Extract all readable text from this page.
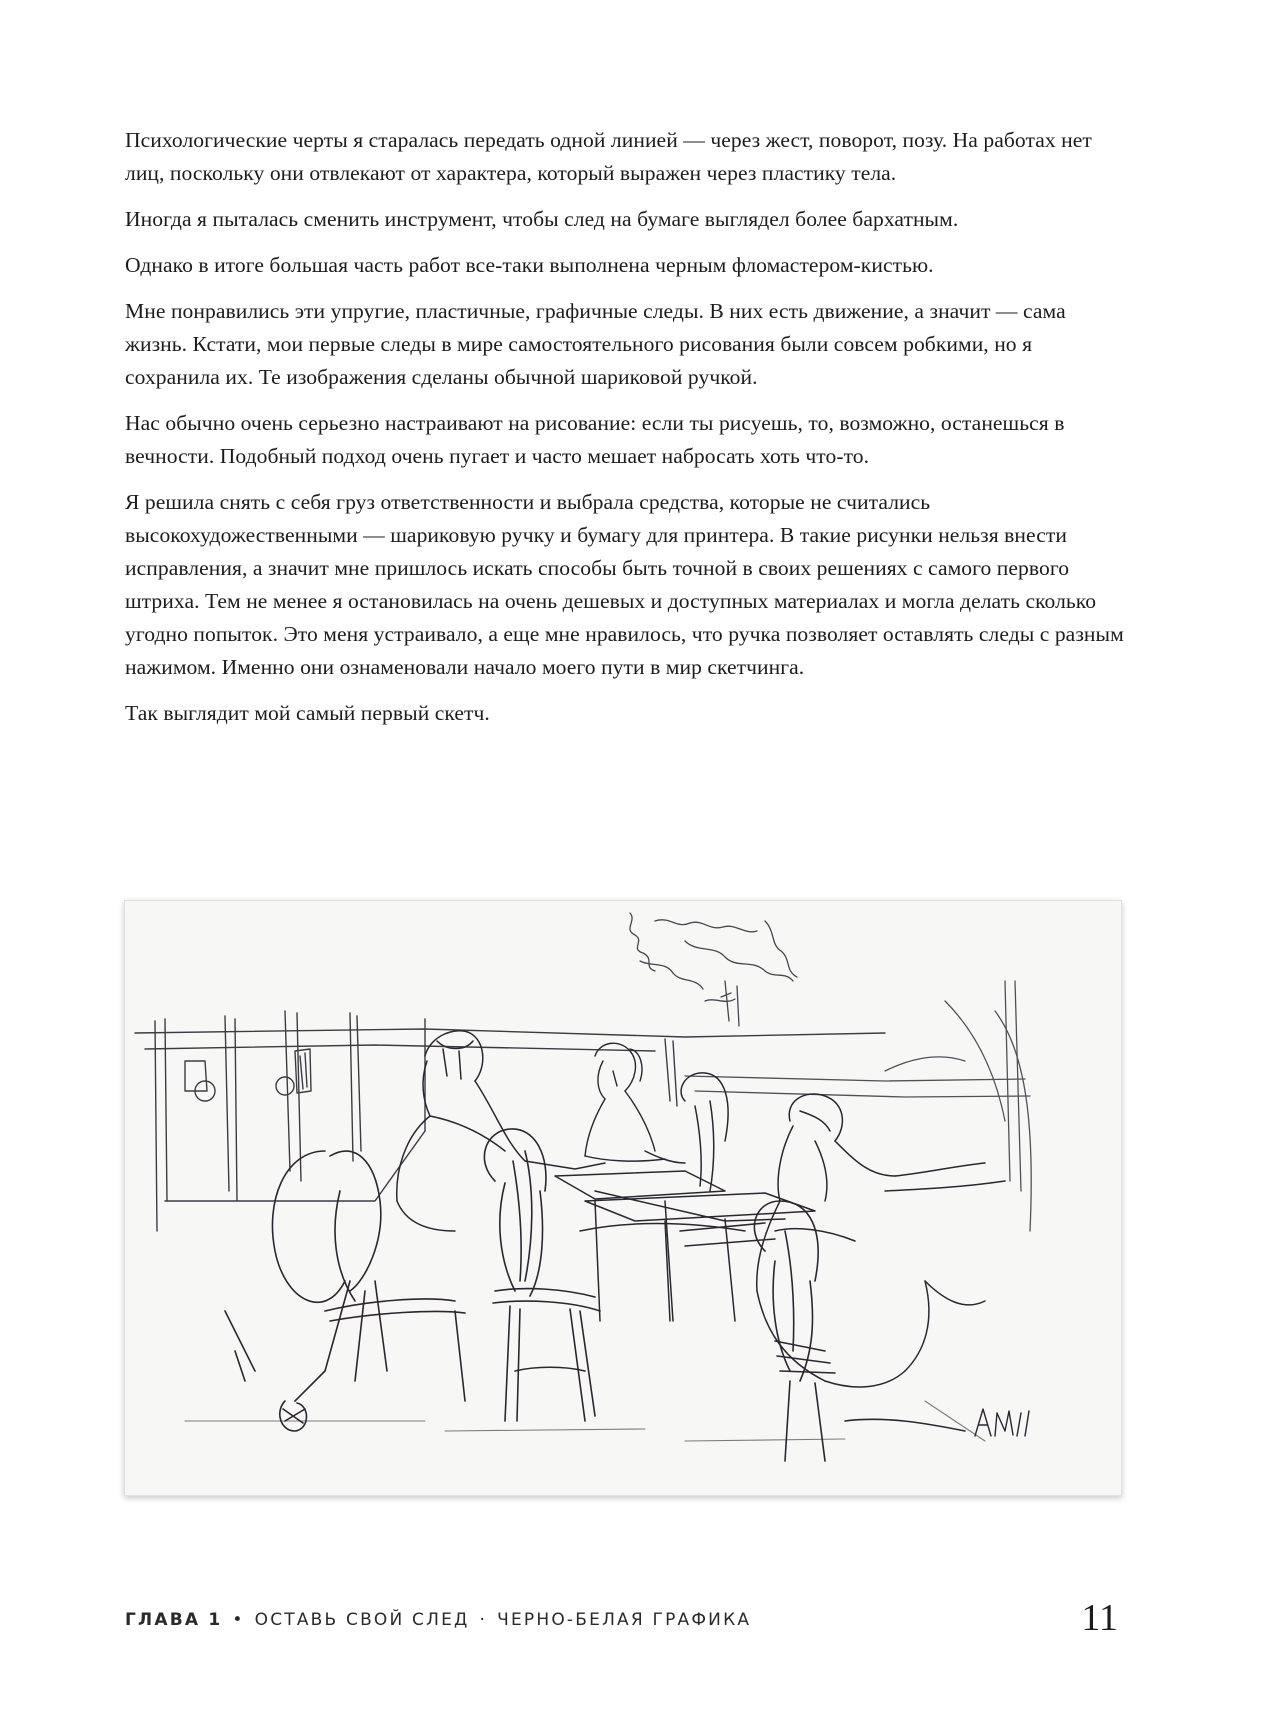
Психологические черты я старалась передать одной линией — через жест, поворот, позу. На работах нет лиц, поскольку они отвлекают от характера, который выражен через пластику тела.

Иногда я пыталась сменить инструмент, чтобы след на бумаге выглядел более бархатным.

Однако в итоге большая часть работ все-таки выполнена черным фломастером-кистью.

Мне понравились эти упругие, пластичные, графичные следы. В них есть движение, а значит — сама жизнь. Кстати, мои первые следы в мире самостоятельного рисования были совсем робкими, но я сохранила их. Те изображения сделаны обычной шариковой ручкой.

Нас обычно очень серьезно настраивают на рисование: если ты рисуешь, то, возможно, останешься в вечности. Подобный подход очень пугает и часто мешает набросать хоть что-то.

Я решила снять с себя груз ответственности и выбрала средства, которые не считались высокохудожественными — шариковую ручку и бумагу для принтера. В такие рисунки нельзя внести исправления, а значит мне пришлось искать способы быть точной в своих решениях с самого первого штриха. Тем не менее я остановилась на очень дешевых и доступных материалах и могла делать сколько угодно попыток. Это меня устраивало, а еще мне нравилось, что ручка позволяет оставлять следы с разным нажимом. Именно они ознаменовали начало моего пути в мир скетчинга.

Так выглядит мой самый первый скетч.

ГЛАВА 1 • ОСТАВЬ СВОЙ СЛЕД · ЧЕРНО-БЕЛАЯ ГРАФИКА	11
